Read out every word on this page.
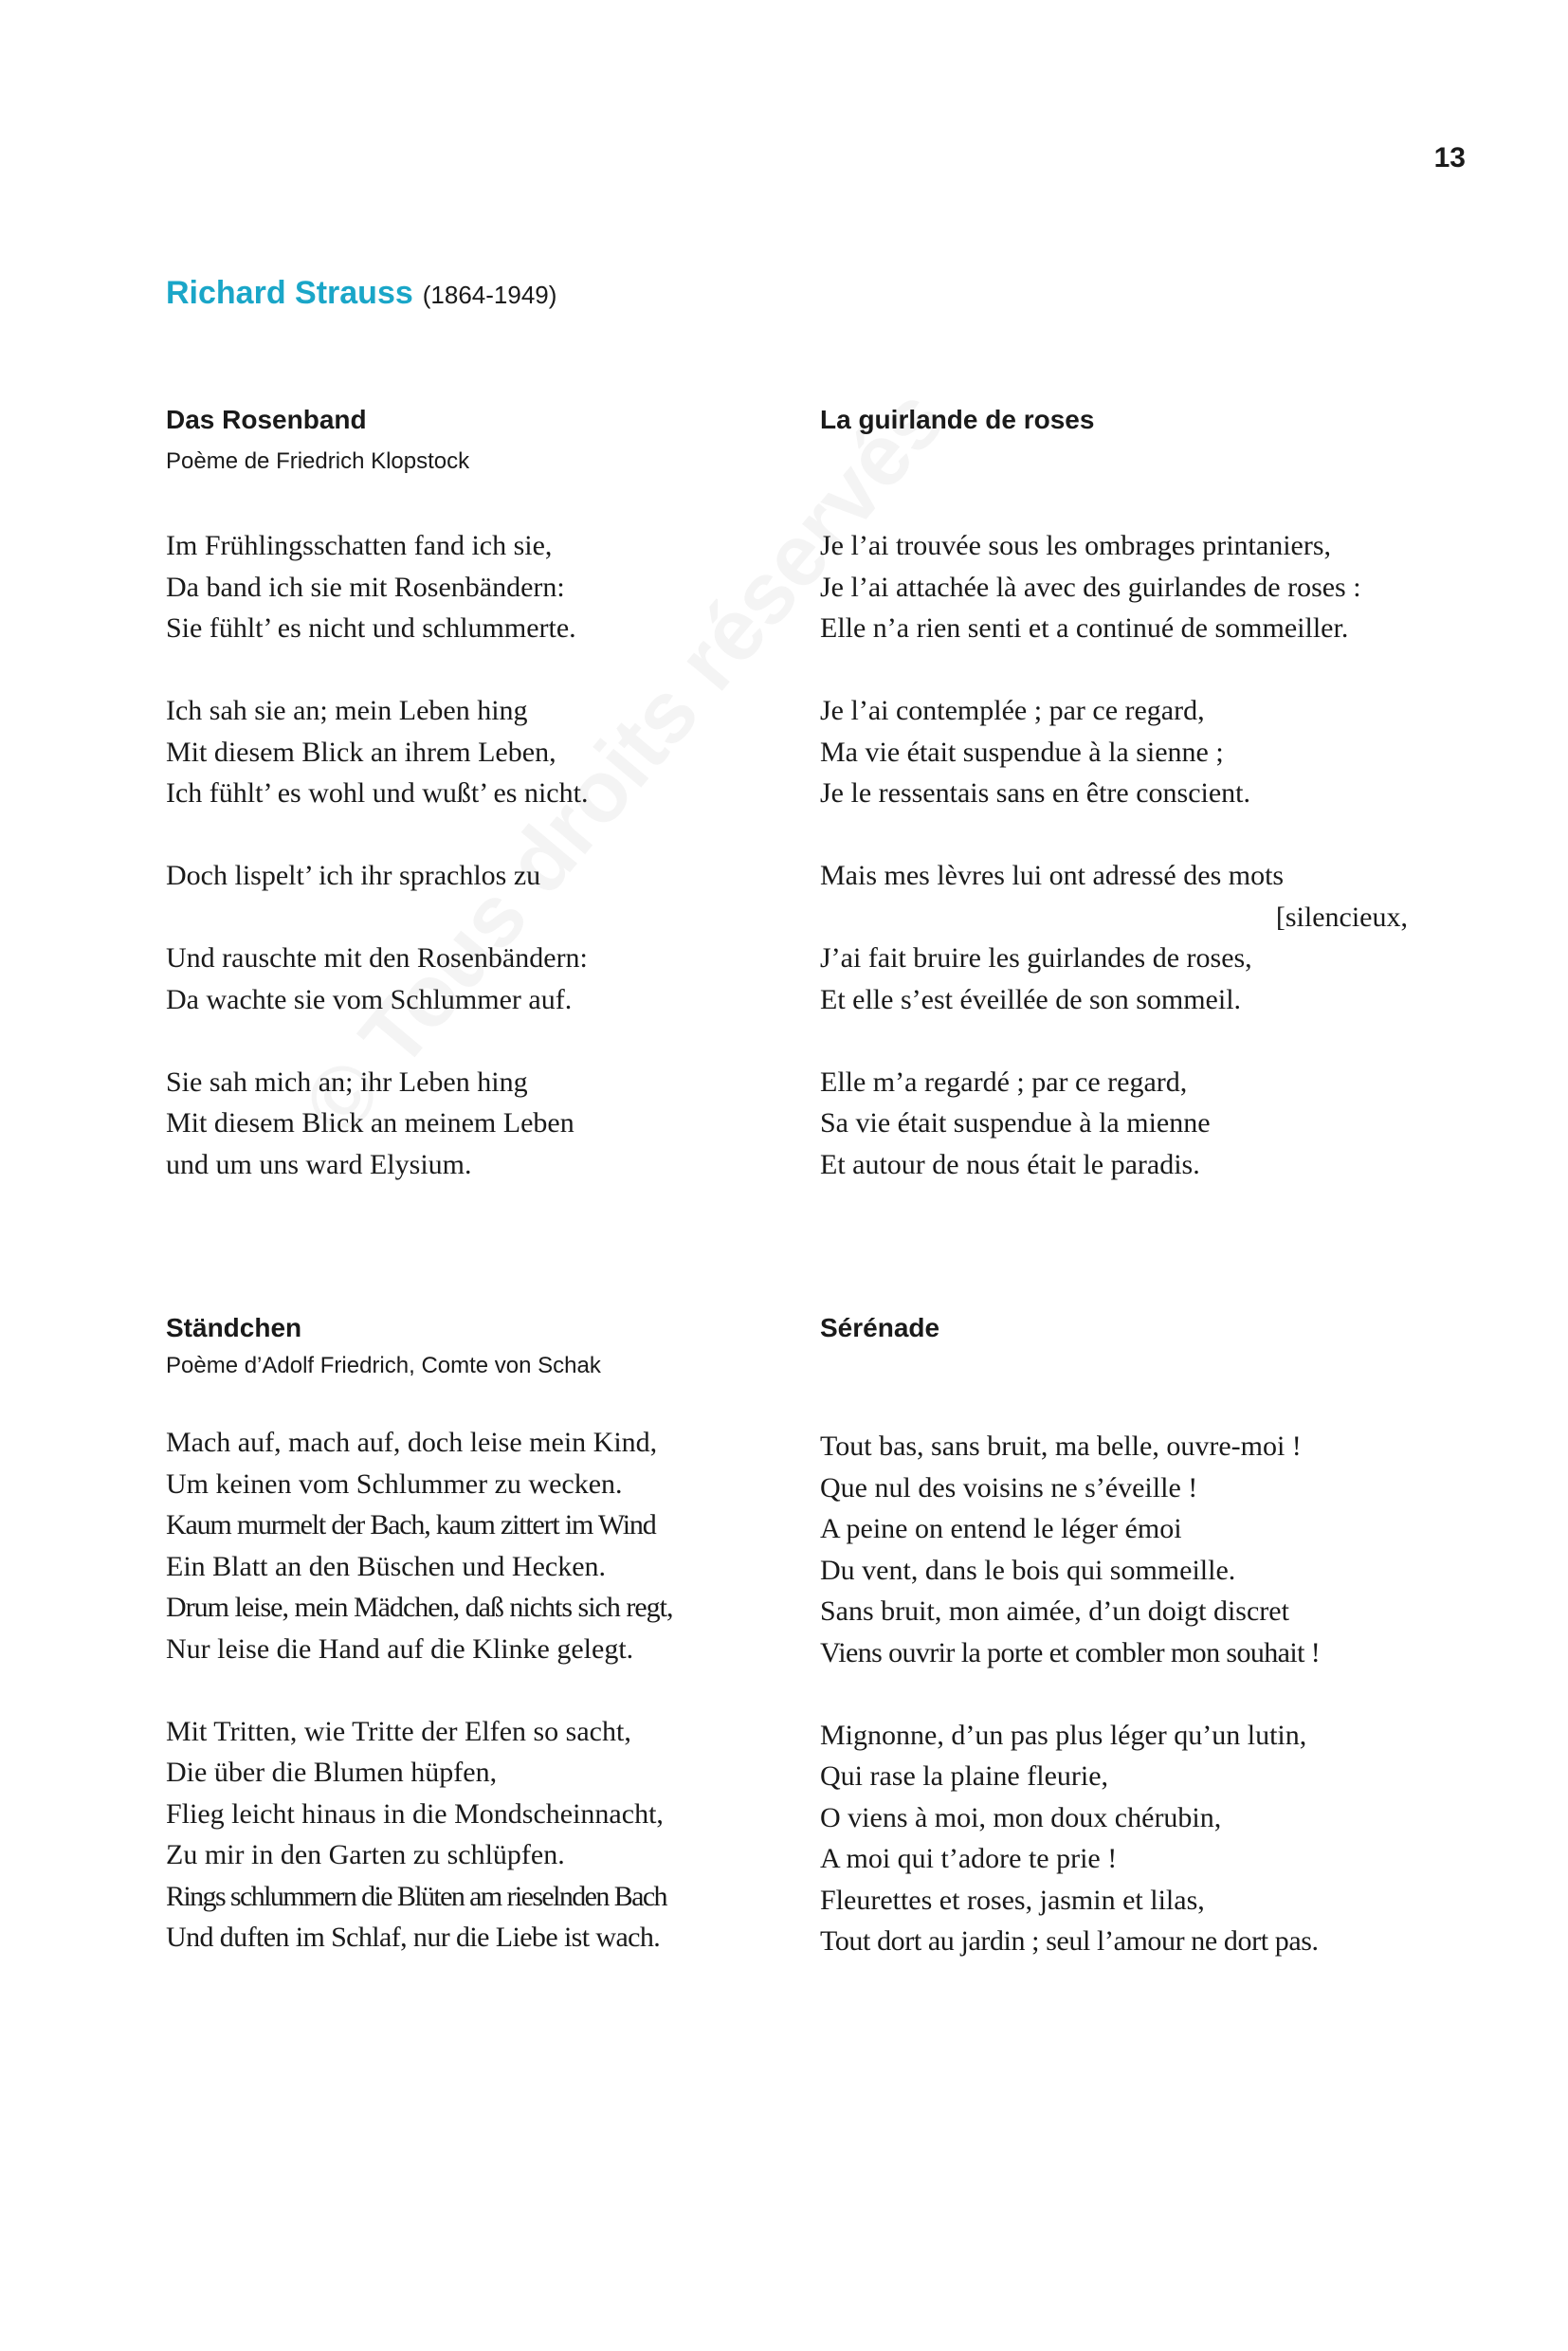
13
Richard Strauss (1864-1949)
Das Rosenband
Poème de Friedrich Klopstock
Im Frühlingsschatten fand ich sie,
Da band ich sie mit Rosenbändern:
Sie fühlt’ es nicht und schlummerte.
Ich sah sie an; mein Leben hing
Mit diesem Blick an ihrem Leben,
Ich fühlt’ es wohl und wußt’ es nicht.
Doch lispelt’ ich ihr sprachlos zu
Und rauschte mit den Rosenbändern:
Da wachte sie vom Schlummer auf.
Sie sah mich an; ihr Leben hing
Mit diesem Blick an meinem Leben
und um uns ward Elysium.
La guirlande de roses
Je l’ai trouvée sous les ombrages printaniers,
Je l’ai attachée là avec des guirlandes de roses :
Elle n’a rien senti et a continué de sommeiller.
Je l’ai contemplée ; par ce regard,
Ma vie était suspendue à la sienne ;
Je le ressentais sans en être conscient.
Mais mes lèvres lui ont adressé des mots
[silencieux,
J’ai fait bruire les guirlandes de roses,
Et elle s’est éveillée de son sommeil.
Elle m’a regardé ; par ce regard,
Sa vie était suspendue à la mienne
Et autour de nous était le paradis.
Ständchen
Poème d’Adolf Friedrich, Comte von Schak
Mach auf, mach auf, doch leise mein Kind,
Um keinen vom Schlummer zu wecken.
Kaum murmelt der Bach, kaum zittert im Wind
Ein Blatt an den Büschen und Hecken.
Drum leise, mein Mädchen, daß nichts sich regt,
Nur leise die Hand auf die Klinke gelegt.
Mit Tritten, wie Tritte der Elfen so sacht,
Die über die Blumen hüpfen,
Flieg leicht hinaus in die Mondscheinnacht,
Zu mir in den Garten zu schlüpfen.
Rings schlummern die Blüten am rieselnden Bach
Und duften im Schlaf, nur die Liebe ist wach.
Sérénade
Tout bas, sans bruit, ma belle, ouvre-moi !
Que nul des voisins ne s’éveille !
A peine on entend le léger émoi
Du vent, dans le bois qui sommeille.
Sans bruit, mon aimée, d’un doigt discret
Viens ouvrir la porte et combler mon souhait !
Mignonne, d’un pas plus léger qu’un lutin,
Qui rase la plaine fleurie,
O viens à moi, mon doux chérubin,
A moi qui t’adore te prie !
Fleurettes et roses, jasmin et lilas,
Tout dort au jardin ; seul l’amour ne dort pas.
